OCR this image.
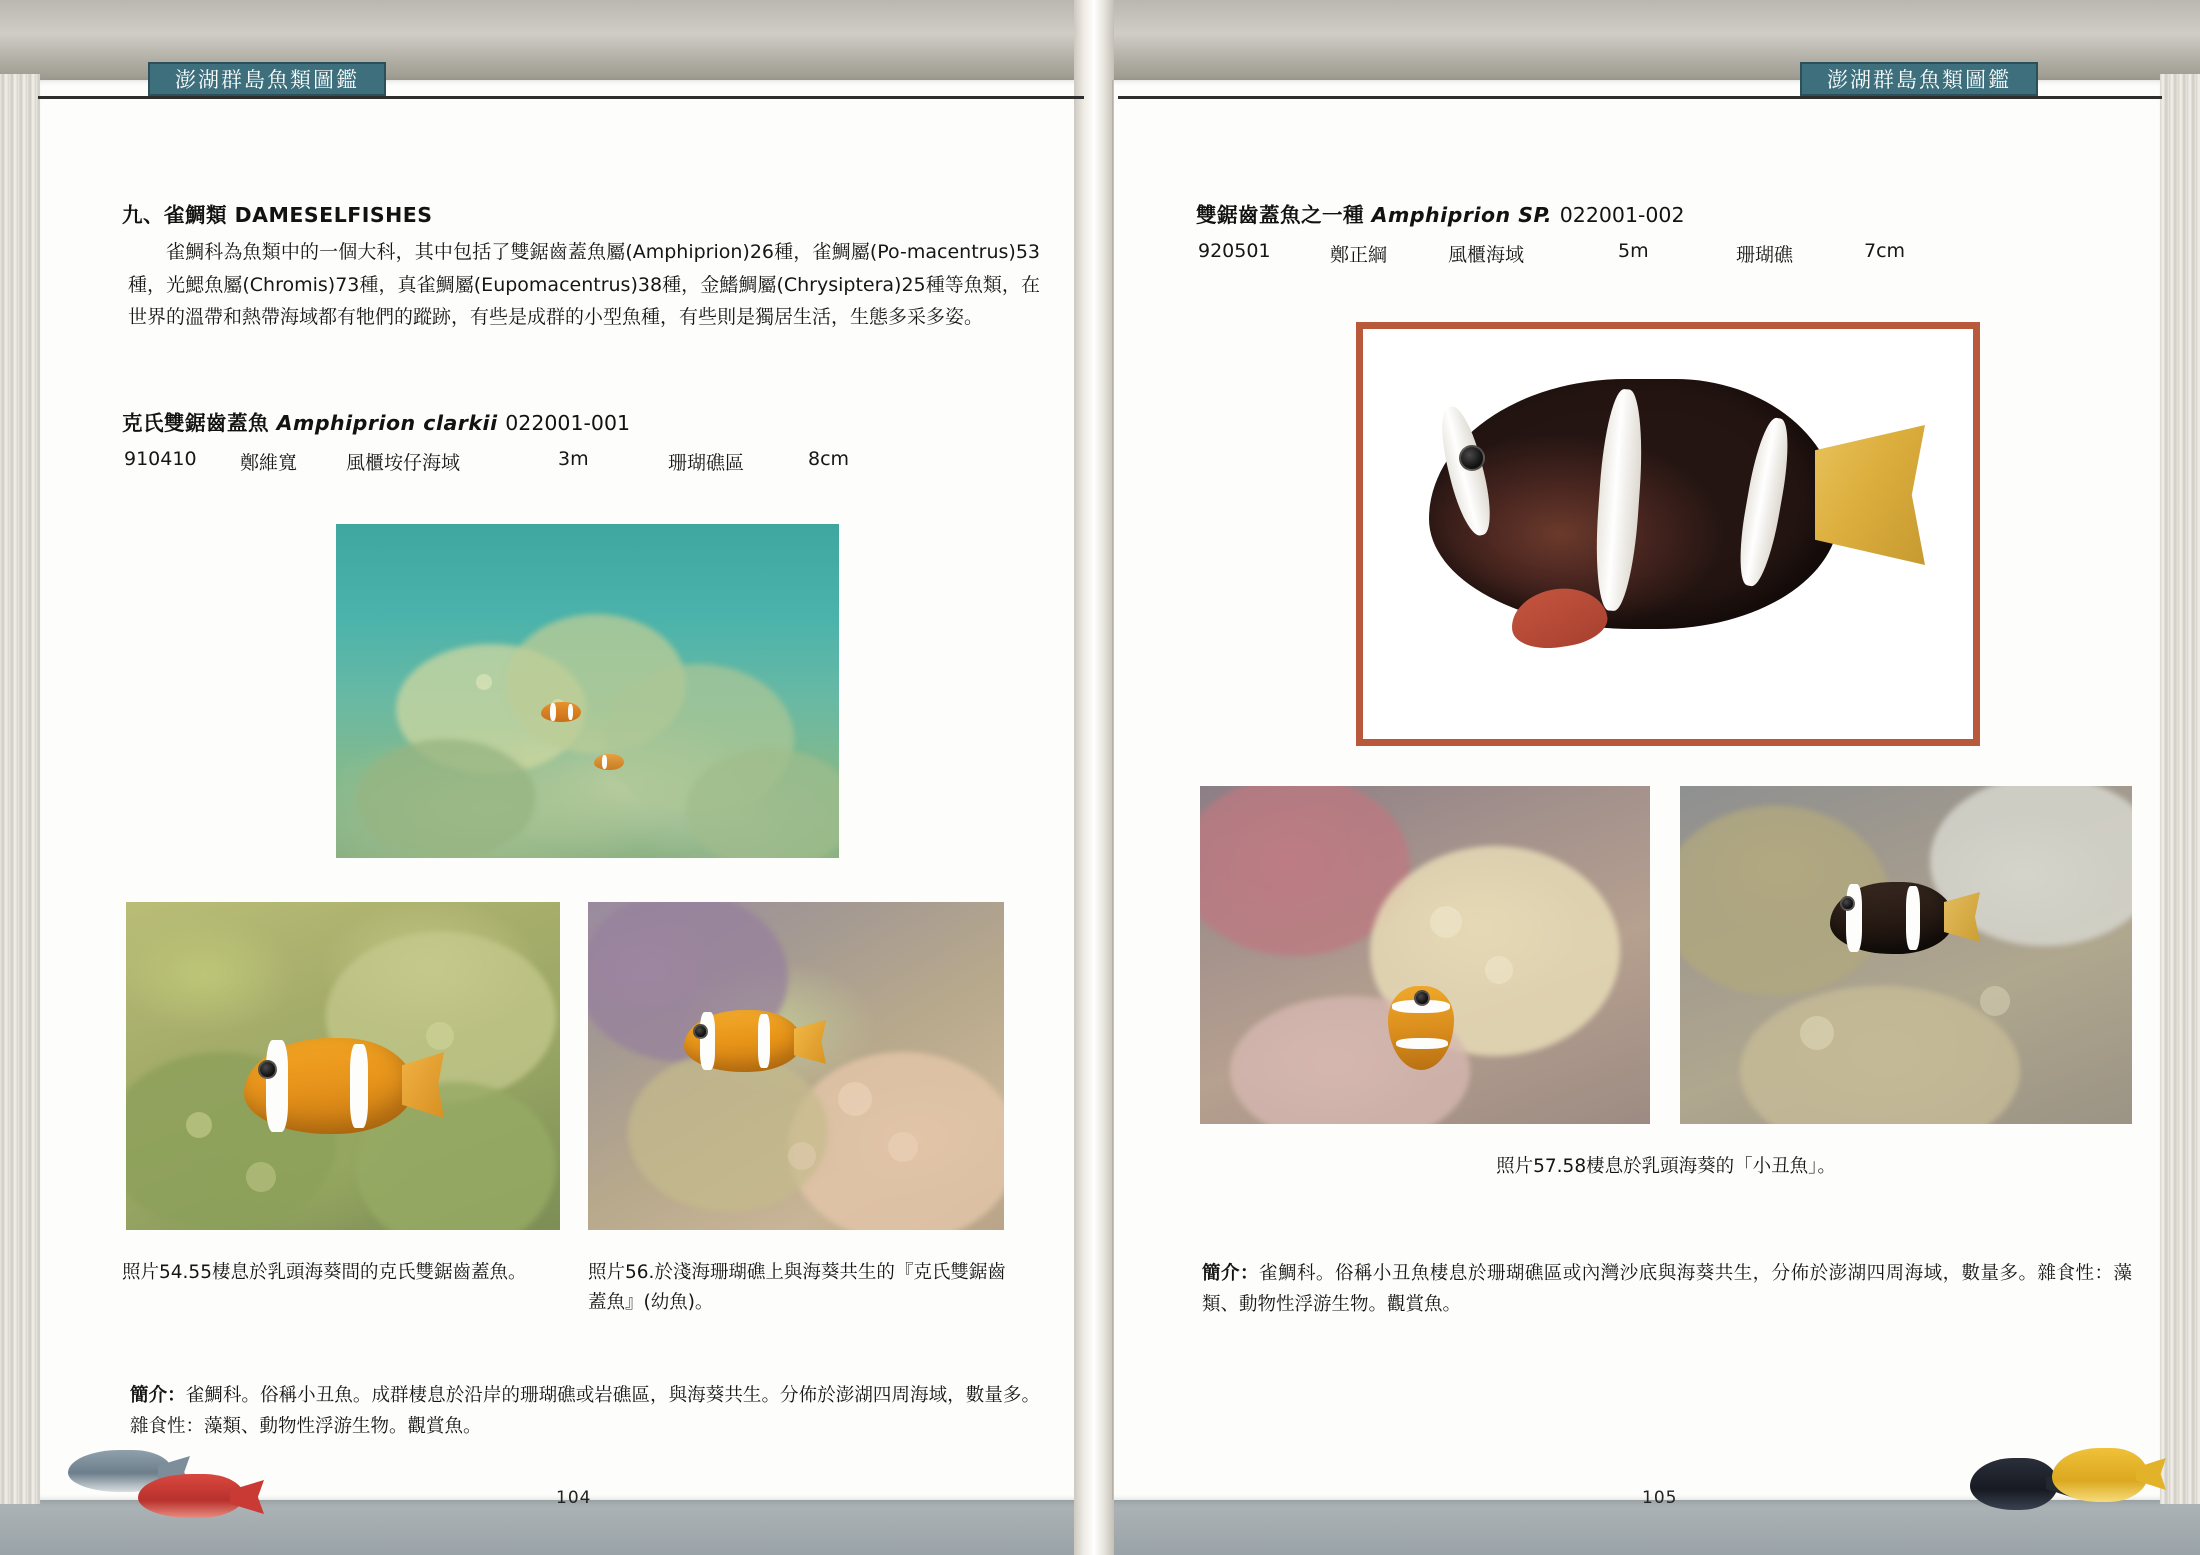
澎湖群島魚類圖鑑	澎湖群島魚類圖鑑
九、雀鯛類 DAMESELFISHES
雀鯛科為魚類中的一個大科，其中包括了雙鋸齒蓋魚屬(Amphiprion)26種，雀鯛屬(Po-macentrus)53種，光鰓魚屬(Chromis)73種，真雀鯛屬(Eupomacentrus)38種，金鰭鯛屬(Chrysiptera)25種等魚類，在世界的溫帶和熱帶海域都有牠們的蹤跡，有些是成群的小型魚種，有些則是獨居生活，生態多采多姿。
克氏雙鋸齒蓋魚 Amphiprion clarkii 022001-001
910410	鄭維寬	風櫃垵仔海域	3m	珊瑚礁區	8cm
照片54.55棲息於乳頭海葵間的克氏雙鋸齒蓋魚。	照片56.於淺海珊瑚礁上與海葵共生的『克氏雙鋸齒蓋魚』(幼魚)。
簡介：雀鯛科。俗稱小丑魚。成群棲息於沿岸的珊瑚礁或岩礁區，與海葵共生。分佈於澎湖四周海域，數量多。雜食性：藻類、動物性浮游生物。觀賞魚。
104
雙鋸齒蓋魚之一種 Amphiprion SP. 022001-002
920501	鄭正綱	風櫃海域	5m	珊瑚礁	7cm
照片57.58棲息於乳頭海葵的「小丑魚」。
簡介：雀鯛科。俗稱小丑魚棲息於珊瑚礁區或內灣沙底與海葵共生，分佈於澎湖四周海域，數量多。雜食性：藻類、動物性浮游生物。觀賞魚。
105
